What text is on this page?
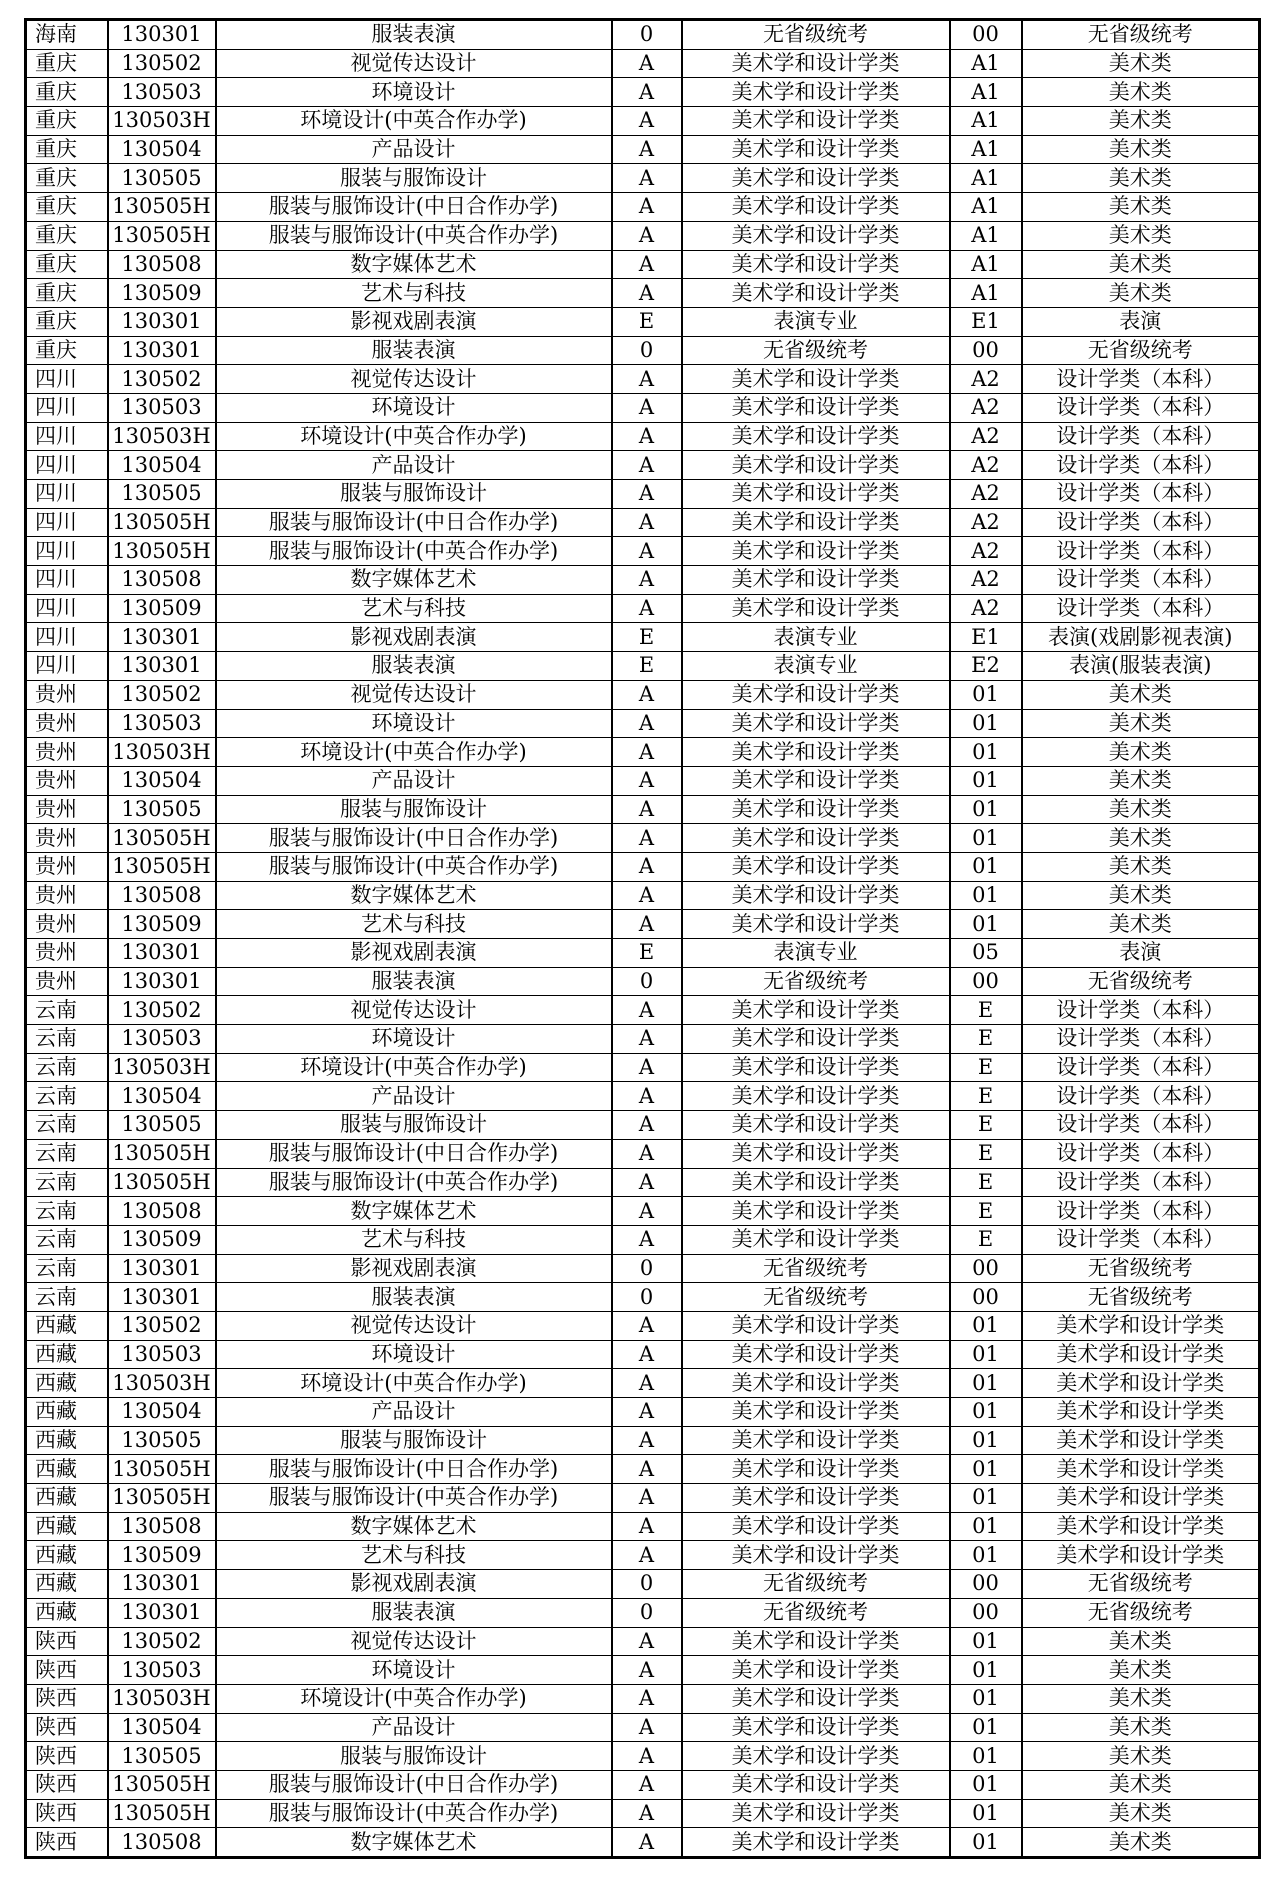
海南	130301	服装表演	0	无省级统考	00	无省级统考
重庆	130502	视觉传达设计	A	美术学和设计学类	A1	美术类
重庆	130503	环境设计	A	美术学和设计学类	A1	美术类
重庆	130503H	环境设计(中英合作办学)	A	美术学和设计学类	A1	美术类
重庆	130504	产品设计	A	美术学和设计学类	A1	美术类
重庆	130505	服装与服饰设计	A	美术学和设计学类	A1	美术类
重庆	130505H	服装与服饰设计(中日合作办学)	A	美术学和设计学类	A1	美术类
重庆	130505H	服装与服饰设计(中英合作办学)	A	美术学和设计学类	A1	美术类
重庆	130508	数字媒体艺术	A	美术学和设计学类	A1	美术类
重庆	130509	艺术与科技	A	美术学和设计学类	A1	美术类
重庆	130301	影视戏剧表演	E	表演专业	E1	表演
重庆	130301	服装表演	0	无省级统考	00	无省级统考
四川	130502	视觉传达设计	A	美术学和设计学类	A2	设计学类（本科）
四川	130503	环境设计	A	美术学和设计学类	A2	设计学类（本科）
四川	130503H	环境设计(中英合作办学)	A	美术学和设计学类	A2	设计学类（本科）
四川	130504	产品设计	A	美术学和设计学类	A2	设计学类（本科）
四川	130505	服装与服饰设计	A	美术学和设计学类	A2	设计学类（本科）
四川	130505H	服装与服饰设计(中日合作办学)	A	美术学和设计学类	A2	设计学类（本科）
四川	130505H	服装与服饰设计(中英合作办学)	A	美术学和设计学类	A2	设计学类（本科）
四川	130508	数字媒体艺术	A	美术学和设计学类	A2	设计学类（本科）
四川	130509	艺术与科技	A	美术学和设计学类	A2	设计学类（本科）
四川	130301	影视戏剧表演	E	表演专业	E1	表演(戏剧影视表演)
四川	130301	服装表演	E	表演专业	E2	表演(服装表演)
贵州	130502	视觉传达设计	A	美术学和设计学类	01	美术类
贵州	130503	环境设计	A	美术学和设计学类	01	美术类
贵州	130503H	环境设计(中英合作办学)	A	美术学和设计学类	01	美术类
贵州	130504	产品设计	A	美术学和设计学类	01	美术类
贵州	130505	服装与服饰设计	A	美术学和设计学类	01	美术类
贵州	130505H	服装与服饰设计(中日合作办学)	A	美术学和设计学类	01	美术类
贵州	130505H	服装与服饰设计(中英合作办学)	A	美术学和设计学类	01	美术类
贵州	130508	数字媒体艺术	A	美术学和设计学类	01	美术类
贵州	130509	艺术与科技	A	美术学和设计学类	01	美术类
贵州	130301	影视戏剧表演	E	表演专业	05	表演
贵州	130301	服装表演	0	无省级统考	00	无省级统考
云南	130502	视觉传达设计	A	美术学和设计学类	E	设计学类（本科）
云南	130503	环境设计	A	美术学和设计学类	E	设计学类（本科）
云南	130503H	环境设计(中英合作办学)	A	美术学和设计学类	E	设计学类（本科）
云南	130504	产品设计	A	美术学和设计学类	E	设计学类（本科）
云南	130505	服装与服饰设计	A	美术学和设计学类	E	设计学类（本科）
云南	130505H	服装与服饰设计(中日合作办学)	A	美术学和设计学类	E	设计学类（本科）
云南	130505H	服装与服饰设计(中英合作办学)	A	美术学和设计学类	E	设计学类（本科）
云南	130508	数字媒体艺术	A	美术学和设计学类	E	设计学类（本科）
云南	130509	艺术与科技	A	美术学和设计学类	E	设计学类（本科）
云南	130301	影视戏剧表演	0	无省级统考	00	无省级统考
云南	130301	服装表演	0	无省级统考	00	无省级统考
西藏	130502	视觉传达设计	A	美术学和设计学类	01	美术学和设计学类
西藏	130503	环境设计	A	美术学和设计学类	01	美术学和设计学类
西藏	130503H	环境设计(中英合作办学)	A	美术学和设计学类	01	美术学和设计学类
西藏	130504	产品设计	A	美术学和设计学类	01	美术学和设计学类
西藏	130505	服装与服饰设计	A	美术学和设计学类	01	美术学和设计学类
西藏	130505H	服装与服饰设计(中日合作办学)	A	美术学和设计学类	01	美术学和设计学类
西藏	130505H	服装与服饰设计(中英合作办学)	A	美术学和设计学类	01	美术学和设计学类
西藏	130508	数字媒体艺术	A	美术学和设计学类	01	美术学和设计学类
西藏	130509	艺术与科技	A	美术学和设计学类	01	美术学和设计学类
西藏	130301	影视戏剧表演	0	无省级统考	00	无省级统考
西藏	130301	服装表演	0	无省级统考	00	无省级统考
陕西	130502	视觉传达设计	A	美术学和设计学类	01	美术类
陕西	130503	环境设计	A	美术学和设计学类	01	美术类
陕西	130503H	环境设计(中英合作办学)	A	美术学和设计学类	01	美术类
陕西	130504	产品设计	A	美术学和设计学类	01	美术类
陕西	130505	服装与服饰设计	A	美术学和设计学类	01	美术类
陕西	130505H	服装与服饰设计(中日合作办学)	A	美术学和设计学类	01	美术类
陕西	130505H	服装与服饰设计(中英合作办学)	A	美术学和设计学类	01	美术类
陕西	130508	数字媒体艺术	A	美术学和设计学类	01	美术类
